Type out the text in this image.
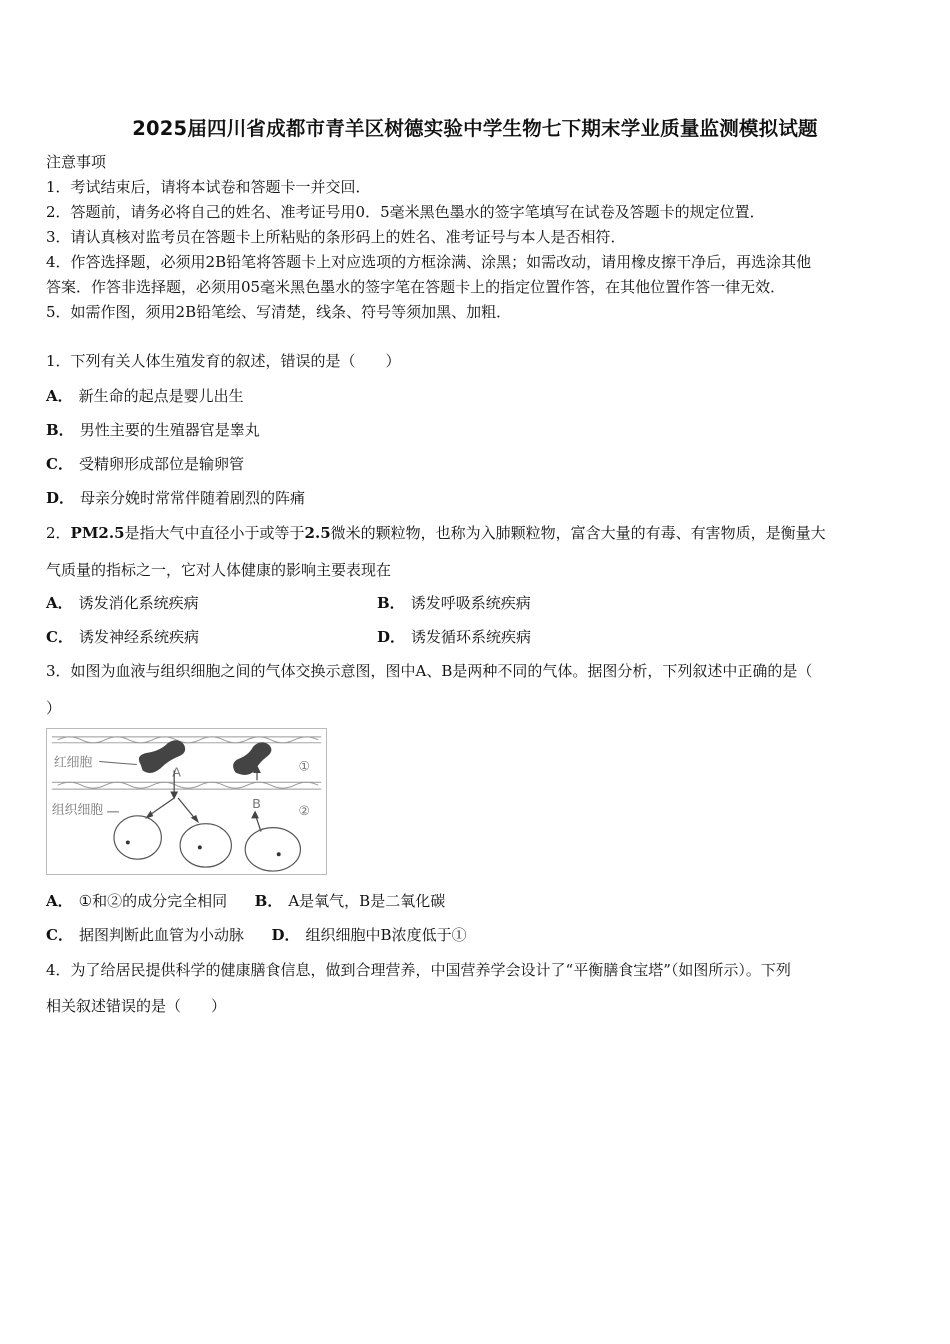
2025届四川省成都市青羊区树德实验中学生物七下期末学业质量监测模拟试题
注意事项
1．考试结束后，请将本试卷和答题卡一并交回．
2．答题前，请务必将自己的姓名、准考证号用0．5毫米黑色墨水的签字笔填写在试卷及答题卡的规定位置．
3．请认真核对监考员在答题卡上所粘贴的条形码上的姓名、准考证号与本人是否相符．
4．作答选择题，必须用2B铅笔将答题卡上对应选项的方框涂满、涂黑；如需改动，请用橡皮擦干净后，再选涂其他
答案．作答非选择题，必须用05毫米黑色墨水的签字笔在答题卡上的指定位置作答，在其他位置作答一律无效．
5．如需作图，须用2B铅笔绘、写清楚，线条、符号等须加黑、加粗．
1．下列有关人体生殖发育的叙述，错误的是（　　）
A． 新生命的起点是婴儿出生
B． 男性主要的生殖器官是睾丸
C． 受精卵形成部位是输卵管
D． 母亲分娩时常常伴随着剧烈的阵痛
2．PM2.5是指大气中直径小于或等于2.5微米的颗粒物，也称为入肺颗粒物，富含大量的有毒、有害物质，是衡量大
气质量的指标之一，它对人体健康的影响主要表现在
A． 诱发消化系统疾病	B． 诱发呼吸系统疾病
C． 诱发神经系统疾病	D． 诱发循环系统疾病
3．如图为血液与组织细胞之间的气体交换示意图，图中A、B是两种不同的气体。据图分析，下列叙述中正确的是（
）
红细胞
组织细胞
A
B
①
②
A． ①和②的成分完全相同 B． A是氧气，B是二氧化碳
C． 据图判断此血管为小动脉 D． 组织细胞中B浓度低于①
4．为了给居民提供科学的健康膳食信息，做到合理营养，中国营养学会设计了“平衡膳食宝塔”（如图所示）。下列
相关叙述错误的是（　　）
